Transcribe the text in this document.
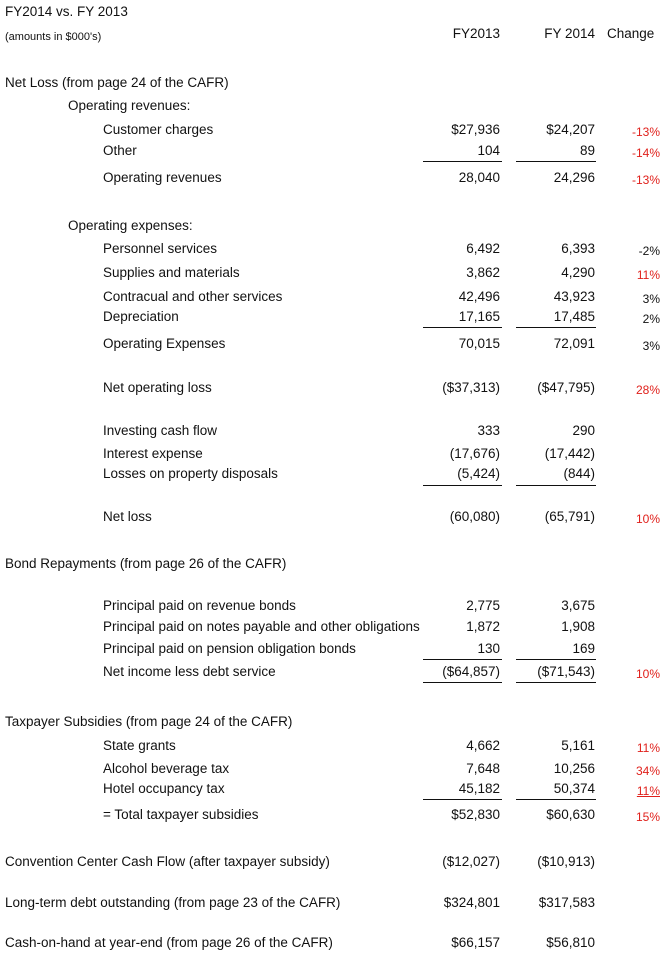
FY2014 vs. FY 2013
(amounts in $000's)	FY2013	FY 2014 Change
Net Loss (from page 24 of the CAFR)
Operating revenues:
Customer charges	$27,936	$24,207	-13%
Other	104	89	-14%
Operating revenues	28,040	24,296	-13%
Operating expenses:
Personnel services	6,492	6,393	-2%
Supplies and materials	3,862	4,290	11%
Contracual and other services	42,496	43,923	3%
Depreciation	17,165	17,485	2%
Operating Expenses	70,015	72,091	3%
Net operating loss	($37,313)	($47,795)	28%
Investing cash flow	333	290
Interest expense	(17,676)	(17,442)
Losses on property disposals	(5,424)	(844)
Net loss	(60,080)	(65,791)	10%
Bond Repayments (from page 26 of the CAFR)
Principal paid on revenue bonds	2,775	3,675
Principal paid on notes payable and other obligations	1,872	1,908
Principal paid on pension obligation bonds	130	169
Net income less debt service	($64,857)	($71,543)	10%
Taxpayer Subsidies (from page 24 of the CAFR)
State grants	4,662	5,161	11%
Alcohol beverage tax	7,648	10,256	34%
Hotel occupancy tax	45,182	50,374	11%
= Total taxpayer subsidies	$52,830	$60,630	15%
Convention Center Cash Flow (after taxpayer subsidy)	($12,027)	($10,913)
Long-term debt outstanding (from page 23 of the CAFR)	$324,801	$317,583
Cash-on-hand at year-end (from page 26 of the CAFR)	$66,157	$56,810
